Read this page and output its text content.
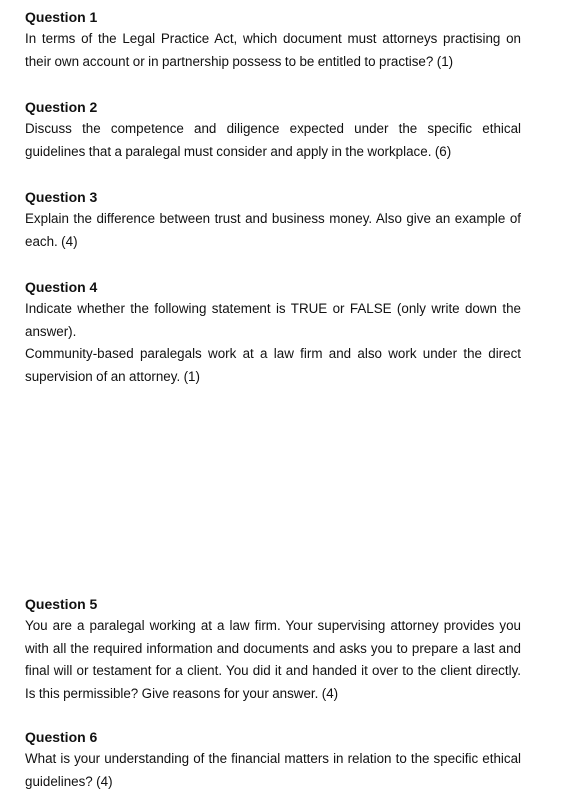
Question 1

In terms of the Legal Practice Act, which document must attorneys practising on their own account or in partnership possess to be entitled to practise? (1)

Question 2

Discuss the competence and diligence expected under the specific ethical guidelines that a paralegal must consider and apply in the workplace. (6)

Question 3

Explain the difference between trust and business money. Also give an example of each. (4)

Question 4

Indicate whether the following statement is TRUE or FALSE (only write down the answer).

Community-based paralegals work at a law firm and also work under the direct supervision of an attorney. (1)

Question 5

You are a paralegal working at a law firm. Your supervising attorney provides you with all the required information and documents and asks you to prepare a last and final will or testament for a client. You did it and handed it over to the client directly. Is this permissible? Give reasons for your answer. (4)

Question 6

What is your understanding of the financial matters in relation to the specific ethical guidelines? (4)
